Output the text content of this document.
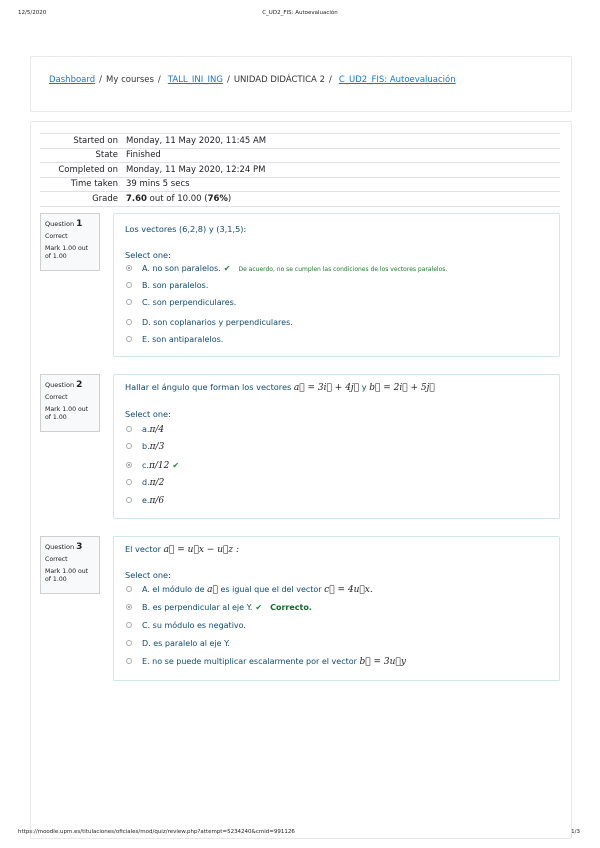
12/5/2020	C_UD2_FIS: Autoevaluación
Dashboard / My courses / TALL_INI_ING / UNIDAD DIDÁCTICA 2 / C_UD2_FIS: Autoevaluación
Started on	Monday, 11 May 2020, 11:45 AM
State	Finished
Completed on	Monday, 11 May 2020, 12:24 PM
Time taken	39 mins 5 secs
Grade	7.60 out of 10.00 (76%)
Question 1
Correct
Mark 1.00 out of 1.00
Los vectores (6,2,8) y (3,1,5):
Select one:
A. no son paralelos. ✔ De acuerdo, no se cumplen las condiciones de los vectores paralelos.
B. son paralelos.
C. son perpendiculares.
D. son coplanarios y perpendiculares.
E. son antiparalelos.
Question 2
Correct
Mark 1.00 out of 1.00
Hallar el ángulo que forman los vectores a⃗ = 3i⃗ + 4j⃗ y b⃗ = 2i⃗ + 5j⃗
Select one:
a.π/4
b.π/3
c.π/12 ✔
d.π/2
e.π/6
Question 3
Correct
Mark 1.00 out of 1.00
El vector a⃗ = u⃗x − u⃗z :
Select one:
A. el módulo de a⃗ es igual que el del vector c⃗ = 4u⃗x.
B. es perpendicular al eje Y. ✔ Correcto.
C. su módulo es negativo.
D. es paralelo al eje Y.
E. no se puede multiplicar escalarmente por el vector b⃗ = 3u⃗y
https://moodle.upm.es/titulaciones/oficiales/mod/quiz/review.php?attempt=5234240&cmid=991126	1/3
